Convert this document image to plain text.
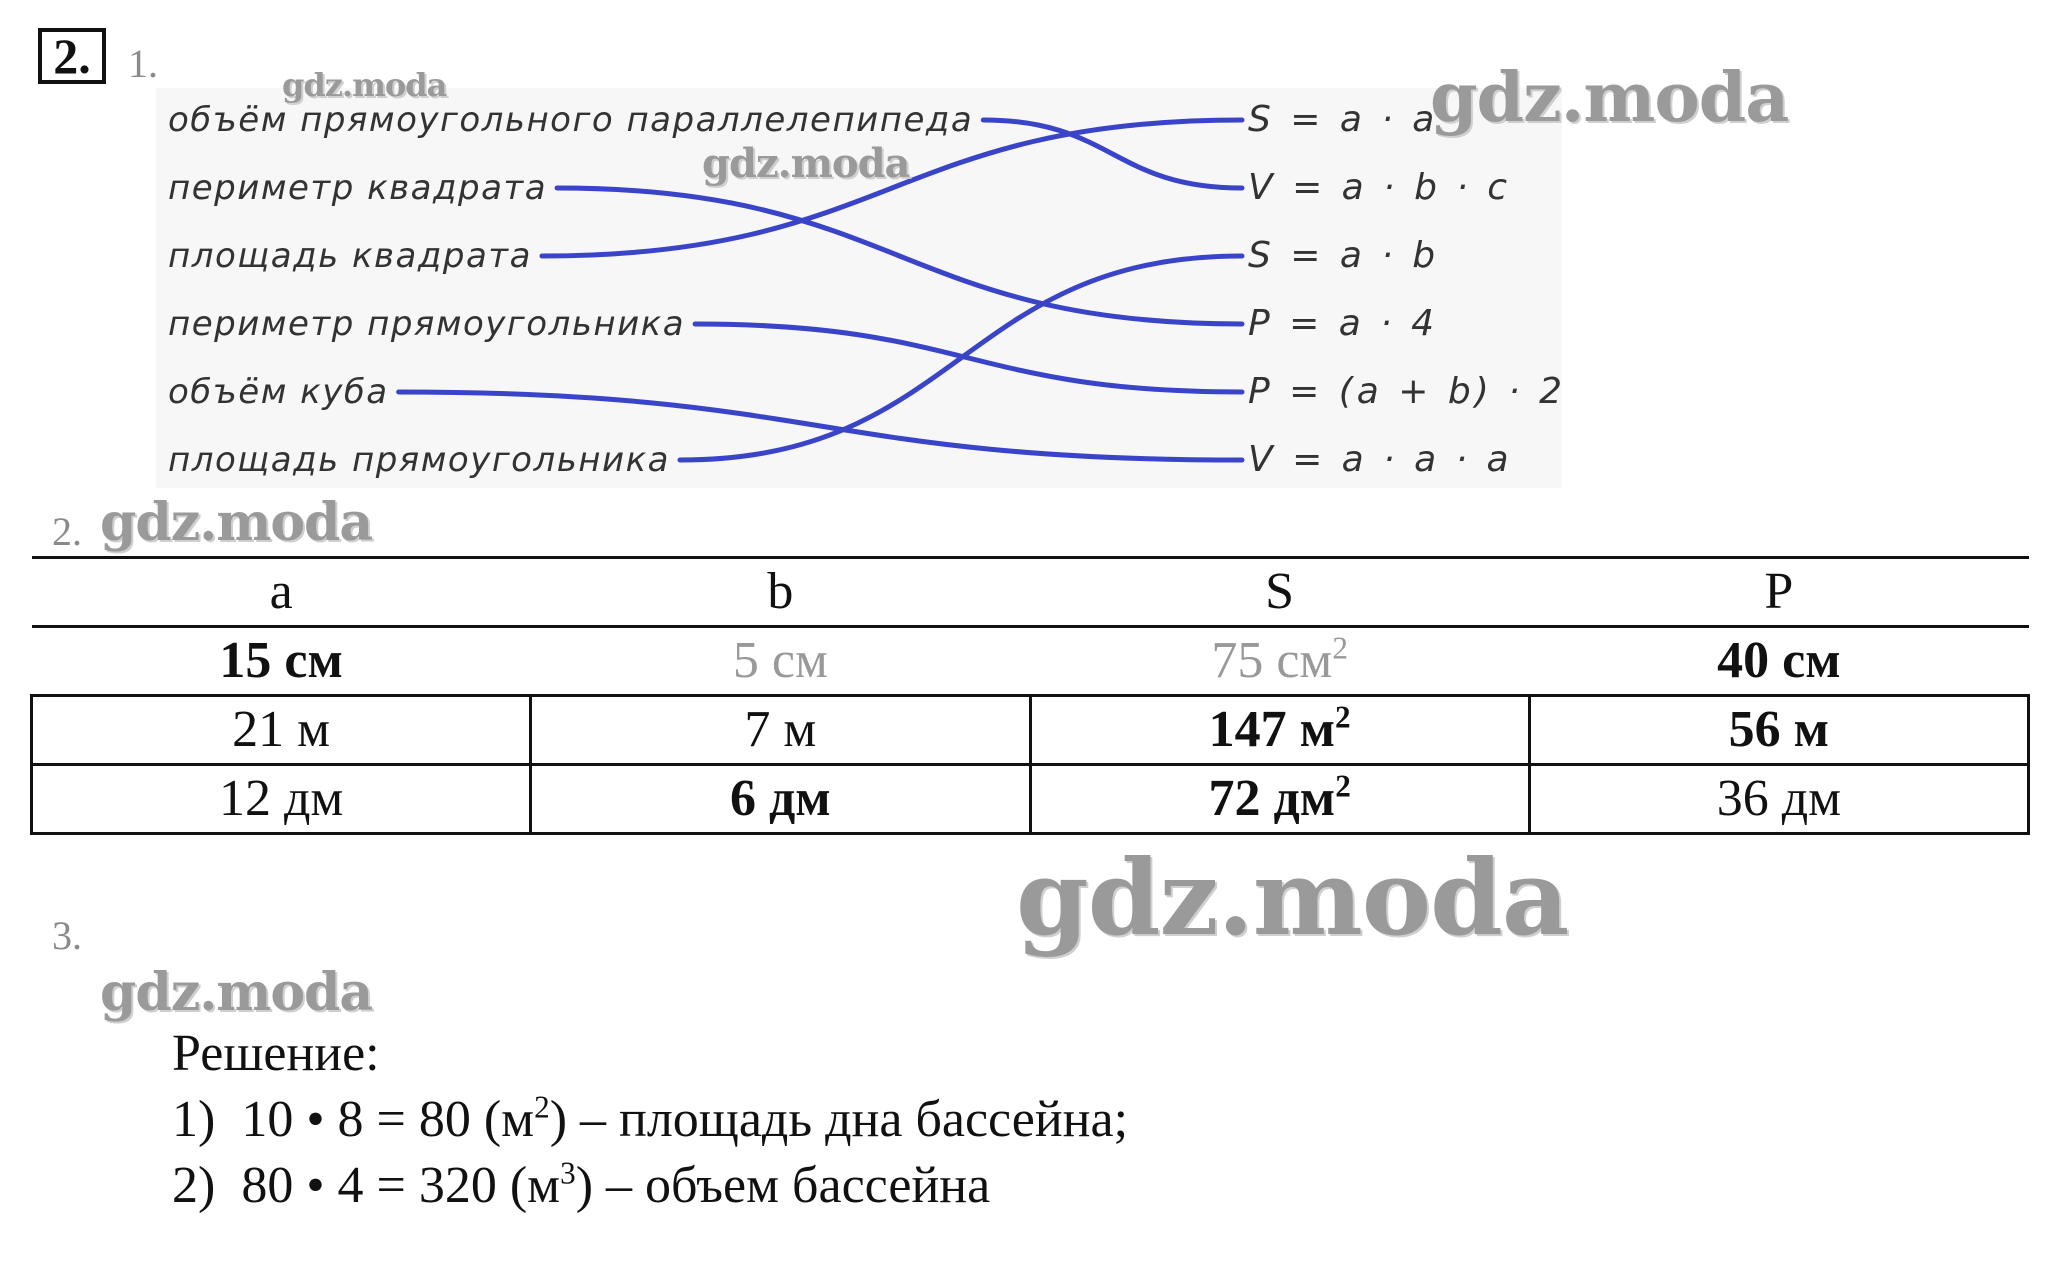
2. 1.
объём прямоугольного параллелепипеда
периметр квадрата
площадь квадрата
периметр прямоугольника
объём куба
площадь прямоугольника
S = a · a
V = a · b · c
S = a · b
P = a · 4
P = (a + b) · 2
V = a · a · a
2.
a	b	S	P
15 см	5 см	75 $см^2$	40 см
21 м	7 м	147 $м^2$	56 м
12 дм	6 дм	72 $дм^2$	36 дм
3.
Решение:
1) 10 • 8 = 80 $(м^2)$ – площадь дна бассейна;
2) 80 • 4 = 320 $(м^3)$ – объем бассейна
gdz.moda
gdz.moda
gdz.moda
gdz.moda
gdz.moda
gdz.moda
